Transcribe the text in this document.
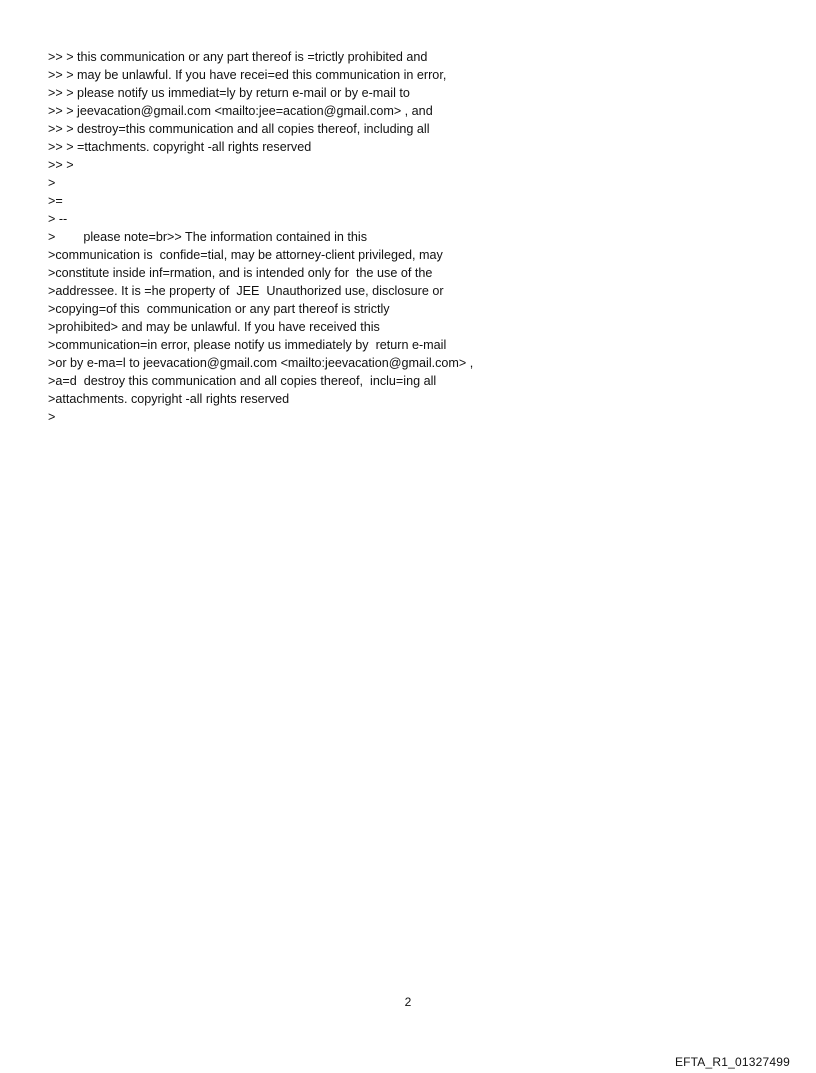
>> > this communication or any part thereof is =trictly prohibited and
>> > may be unlawful. If you have recei=ed this communication in error,
>> > please notify us immediat=ly by return e-mail or by e-mail to
>> > jeevacation@gmail.com <mailto:jee=acation@gmail.com> , and
>> > destroy=this communication and all copies thereof, including all
>> > =ttachments. copyright -all rights reserved
>> >
>
>=
> --
>        please note=br>> The information contained in this
>communication is  confide=tial, may be attorney-client privileged, may
>constitute inside inf=rmation, and is intended only for  the use of the
>addressee. It is =he property of  JEE  Unauthorized use, disclosure or
>copying=of this  communication or any part thereof is strictly
>prohibited> and may be unlawful. If you have received this
>communication=in error, please notify us immediately by  return e-mail
>or by e-ma=l to jeevacation@gmail.com <mailto:jeevacation@gmail.com> ,
>a=d  destroy this communication and all copies thereof,  inclu=ing all
>attachments. copyright -all rights reserved
>
2
EFTA_R1_01327499
